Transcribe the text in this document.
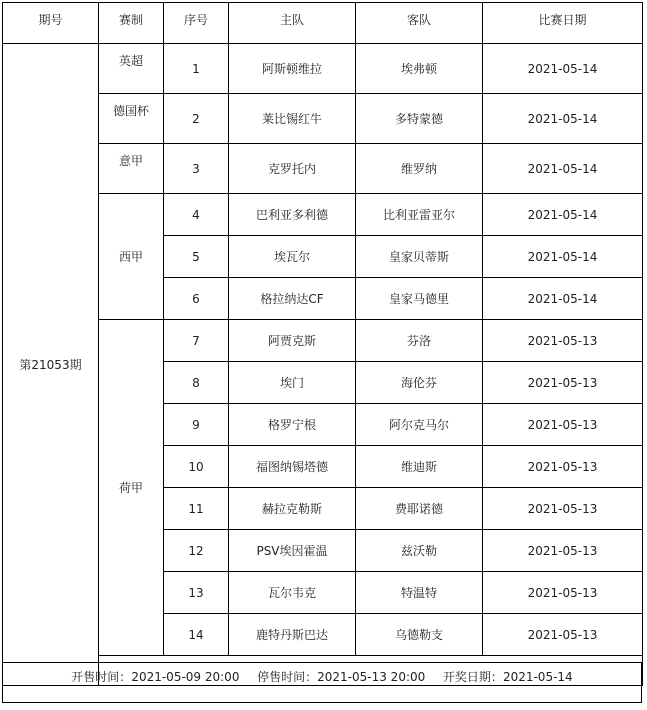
期号	赛制	序号	主队	客队	比赛日期
第21053期	英超	1	阿斯顿维拉	埃弗顿	2021-05-14
	德国杯	2	莱比锡红牛	多特蒙德	2021-05-14
	意甲	3	克罗托内	维罗纳	2021-05-14
	西甲	4	巴利亚多利德	比利亚雷亚尔	2021-05-14
		5	埃瓦尔	皇家贝蒂斯	2021-05-14
		6	格拉纳达CF	皇家马德里	2021-05-14
	荷甲	7	阿贾克斯	芬洛	2021-05-13
		8	埃门	海伦芬	2021-05-13
		9	格罗宁根	阿尔克马尔	2021-05-13
		10	福图纳锡塔德	维迪斯	2021-05-13
		11	赫拉克勒斯	费耶诺德	2021-05-13
		12	PSV埃因霍温	兹沃勒	2021-05-13
		13	瓦尔韦克	特温特	2021-05-13
		14	鹿特丹斯巴达	乌德勒支	2021-05-13

开售时间：2021-05-09 20:00 停售时间：2021-05-13 20:00 开奖日期：2021-05-14
